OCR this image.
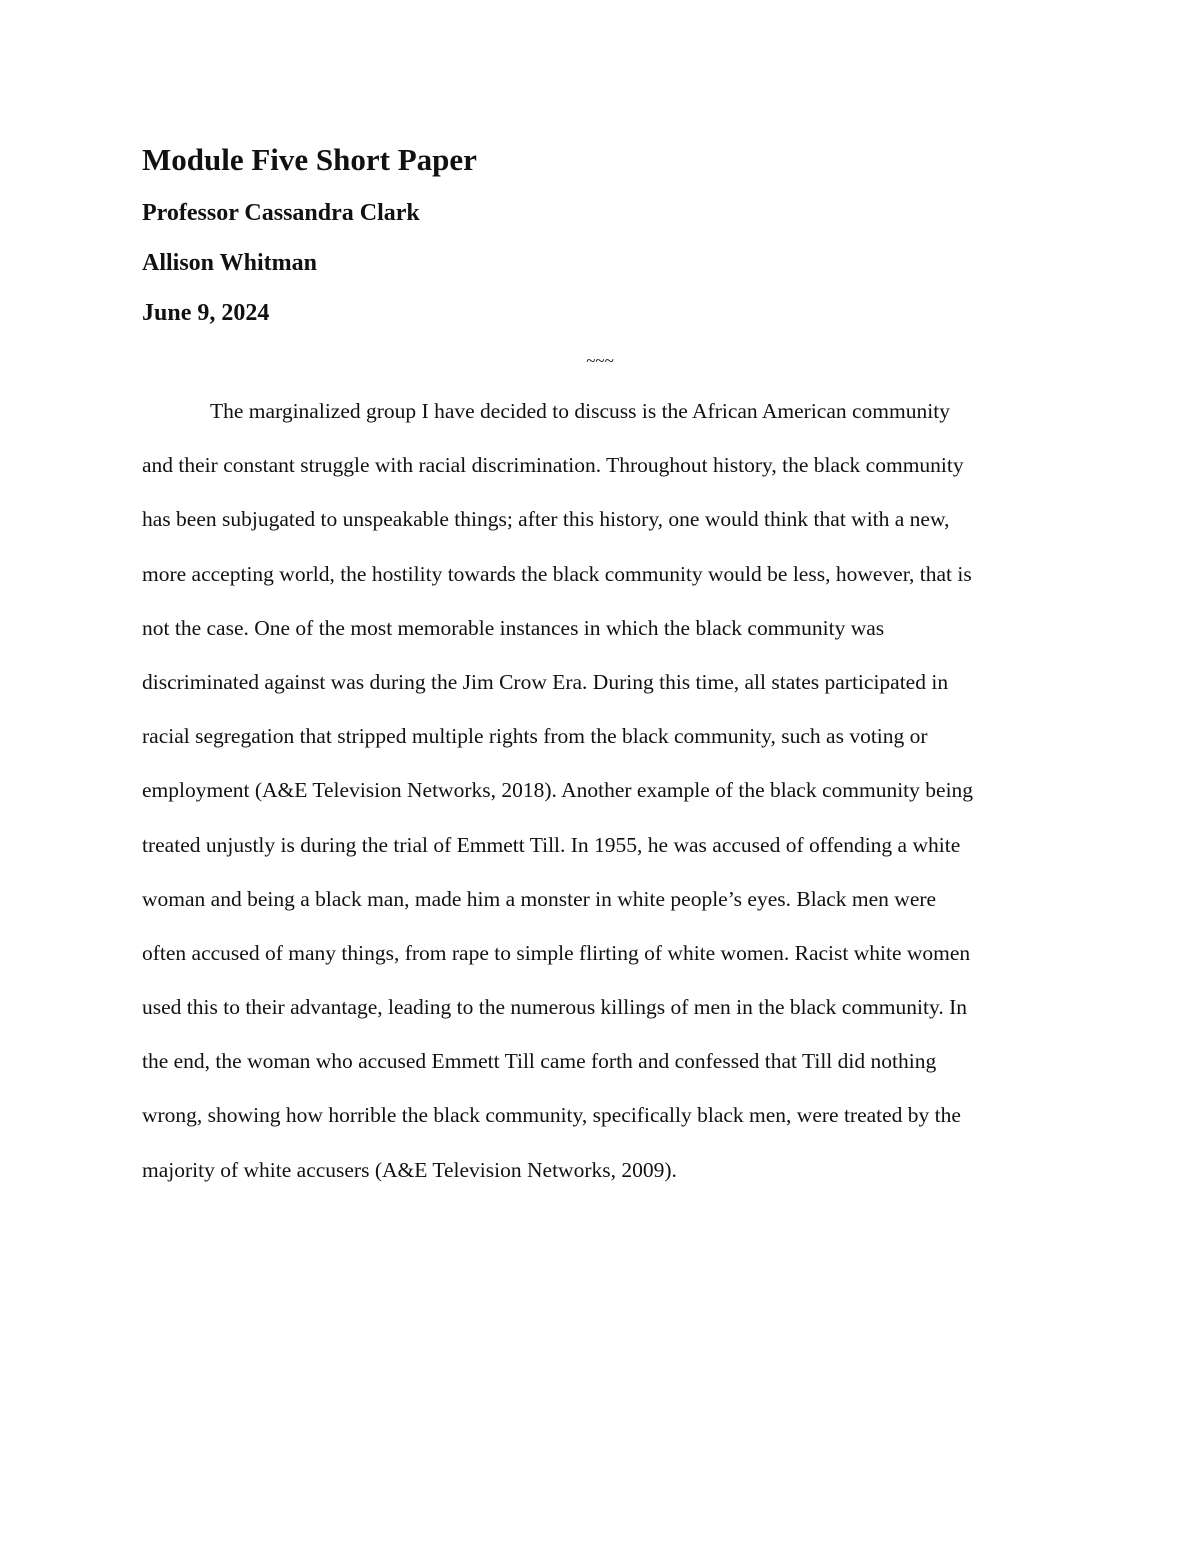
Module Five Short Paper
Professor Cassandra Clark
Allison Whitman
June 9, 2024
~~~
The marginalized group I have decided to discuss is the African American community
and their constant struggle with racial discrimination. Throughout history, the black community
has been subjugated to unspeakable things; after this history, one would think that with a new,
more accepting world, the hostility towards the black community would be less, however, that is
not the case. One of the most memorable instances in which the black community was
discriminated against was during the Jim Crow Era. During this time, all states participated in
racial segregation that stripped multiple rights from the black community, such as voting or
employment (A&E Television Networks, 2018). Another example of the black community being
treated unjustly is during the trial of Emmett Till. In 1955, he was accused of offending a white
woman and being a black man, made him a monster in white people’s eyes. Black men were
often accused of many things, from rape to simple flirting of white women. Racist white women
used this to their advantage, leading to the numerous killings of men in the black community. In
the end, the woman who accused Emmett Till came forth and confessed that Till did nothing
wrong, showing how horrible the black community, specifically black men, were treated by the
majority of white accusers (A&E Television Networks, 2009).
